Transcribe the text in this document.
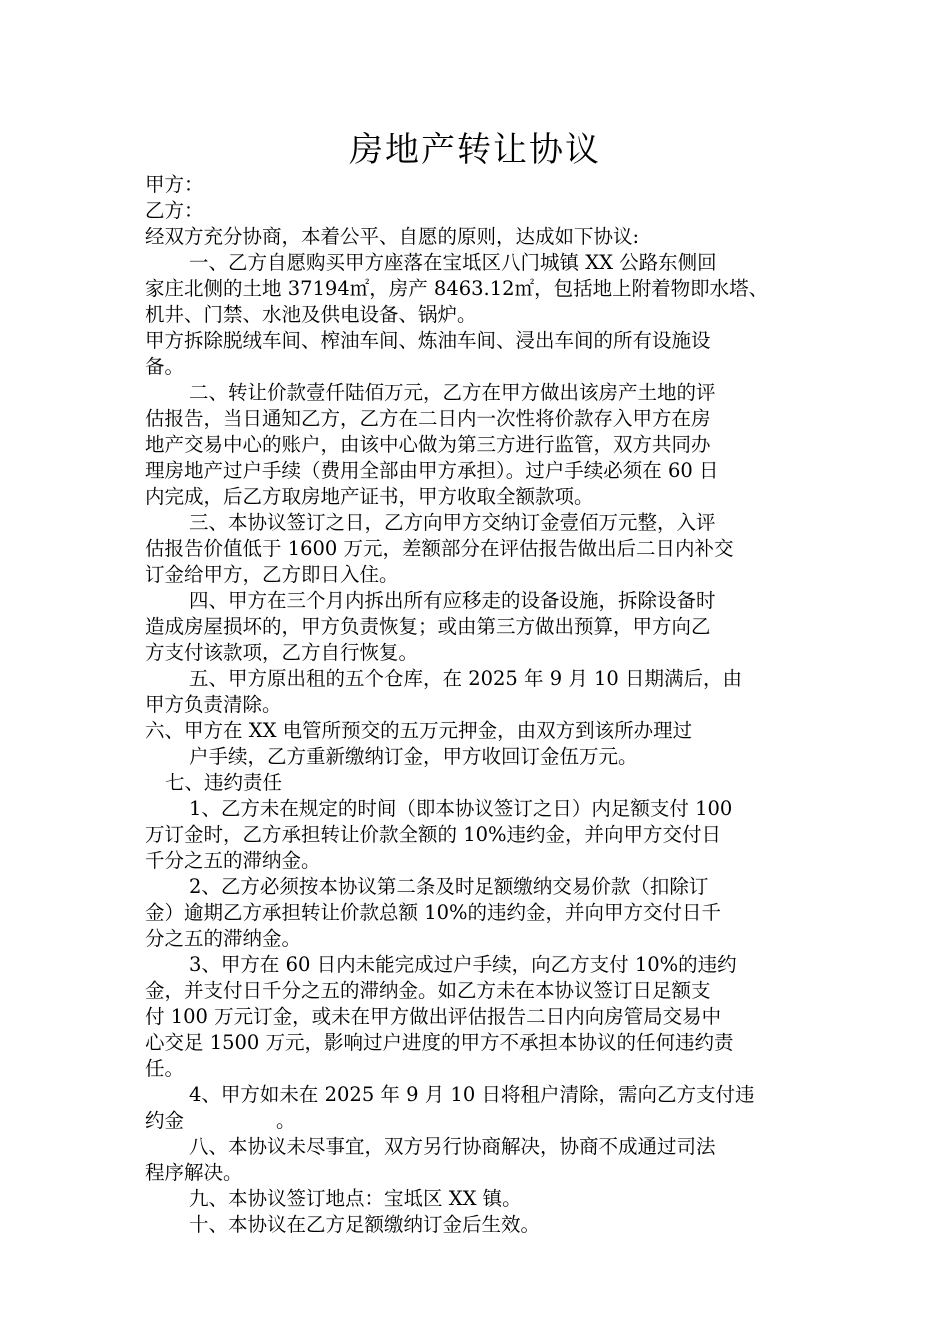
房地产转让协议
甲方：
乙方：
经双方充分协商，本着公平、自愿的原则，达成如下协议:
一、乙方自愿购买甲方座落在宝坻区八门城镇 XX 公路东侧回
家庄北侧的土地 37194㎡，房产 8463.12㎡，包括地上附着物即水塔、
机井、门禁、水池及供电设备、锅炉。
甲方拆除脱绒车间、榨油车间、炼油车间、浸出车间的所有设施设
备。
二、转让价款壹仟陆佰万元，乙方在甲方做出该房产土地的评
估报告，当日通知乙方，乙方在二日内一次性将价款存入甲方在房
地产交易中心的账户，由该中心做为第三方进行监管，双方共同办
理房地产过户手续（费用全部由甲方承担）。过户手续必须在 60 日
内完成，后乙方取房地产证书，甲方收取全额款项。
三、本协议签订之日，乙方向甲方交纳订金壹佰万元整，入评
估报告价值低于 1600 万元，差额部分在评估报告做出后二日内补交
订金给甲方，乙方即日入住。
四、甲方在三个月内拆出所有应移走的设备设施，拆除设备时
造成房屋损坏的，甲方负责恢复；或由第三方做出预算，甲方向乙
方支付该款项，乙方自行恢复。
五、甲方原出租的五个仓库，在 2025 年 9 月 10 日期满后，由
甲方负责清除。
六、甲方在 XX 电管所预交的五万元押金，由双方到该所办理过
户手续，乙方重新缴纳订金，甲方收回订金伍万元。
七、违约责任
1、乙方未在规定的时间（即本协议签订之日）内足额支付 100
万订金时，乙方承担转让价款全额的 10%违约金，并向甲方交付日
千分之五的滞纳金。
2、乙方必须按本协议第二条及时足额缴纳交易价款（扣除订
金）逾期乙方承担转让价款总额 10%的违约金，并向甲方交付日千
分之五的滞纳金。
3、甲方在 60 日内未能完成过户手续，向乙方支付 10%的违约
金，并支付日千分之五的滞纳金。如乙方未在本协议签订日足额支
付 100 万元订金，或未在甲方做出评估报告二日内向房管局交易中
心交足 1500 万元，影响过户进度的甲方不承担本协议的任何违约责
任。
4、甲方如未在 2025 年 9 月 10 日将租户清除，需向乙方支付违
约金	。
八、本协议未尽事宜，双方另行协商解决，协商不成通过司法
程序解决。
九、本协议签订地点：宝坻区 XX 镇。
十、本协议在乙方足额缴纳订金后生效。
